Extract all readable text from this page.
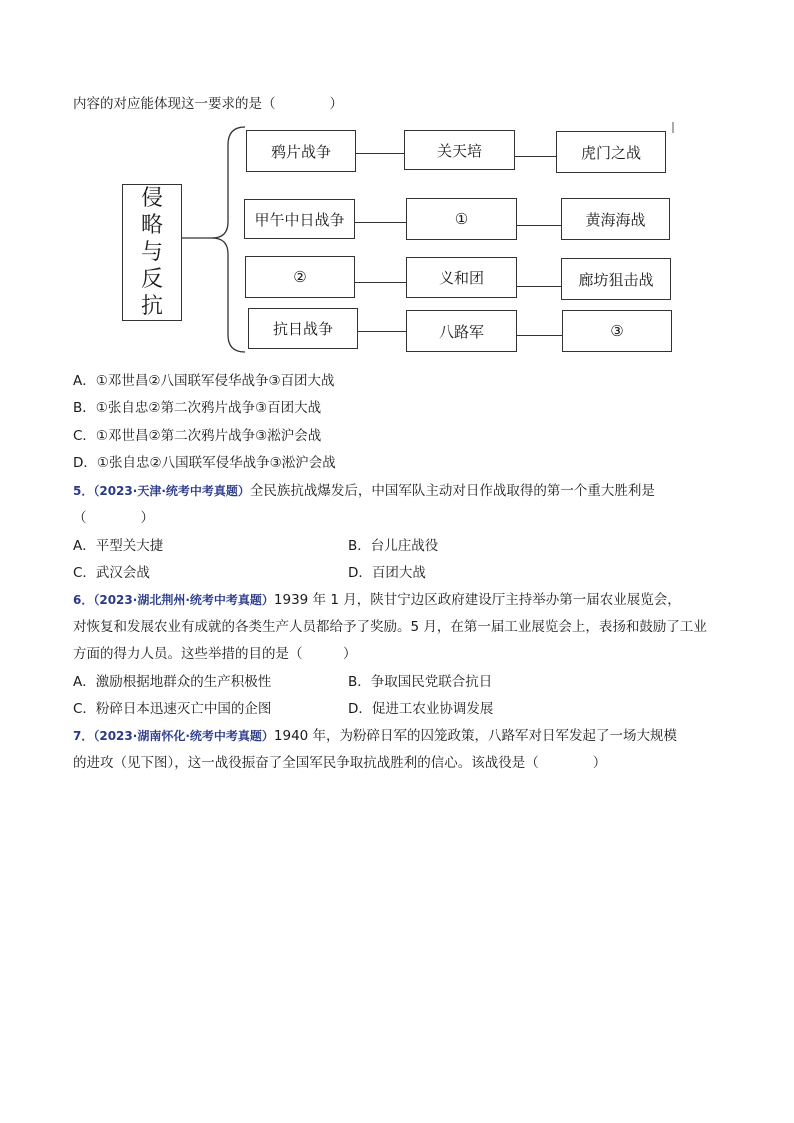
内容的对应能体现这一要求的是（　　　　）
侵
略
与
反
抗
鸦片战争	关天培	虎门之战
甲午中日战争	①	黄海海战
②	义和团	廊坊狙击战
抗日战争	八路军	③
A．①邓世昌②八国联军侵华战争③百团大战
B．①张自忠②第二次鸦片战争③百团大战
C．①邓世昌②第二次鸦片战争③淞沪会战
D．①张自忠②八国联军侵华战争③淞沪会战
5．（2023·天津·统考中考真题）全民族抗战爆发后，中国军队主动对日作战取得的第一个重大胜利是
（　　　　）
A．平型关大捷	B．台儿庄战役
C．武汉会战	D．百团大战
6．（2023·湖北荆州·统考中考真题）1939 年 1 月，陕甘宁边区政府建设厅主持举办第一届农业展览会，
对恢复和发展农业有成就的各类生产人员都给予了奖励。5 月，在第一届工业展览会上，表扬和鼓励了工业
方面的得力人员。这些举措的目的是（　　　）
A．激励根据地群众的生产积极性	B．争取国民党联合抗日
C．粉碎日本迅速灭亡中国的企图	D．促进工农业协调发展
7．（2023·湖南怀化·统考中考真题）1940 年，为粉碎日军的囚笼政策，八路军对日军发起了一场大规模
的进攻（见下图），这一战役振奋了全国军民争取抗战胜利的信心。该战役是（　　　　）
